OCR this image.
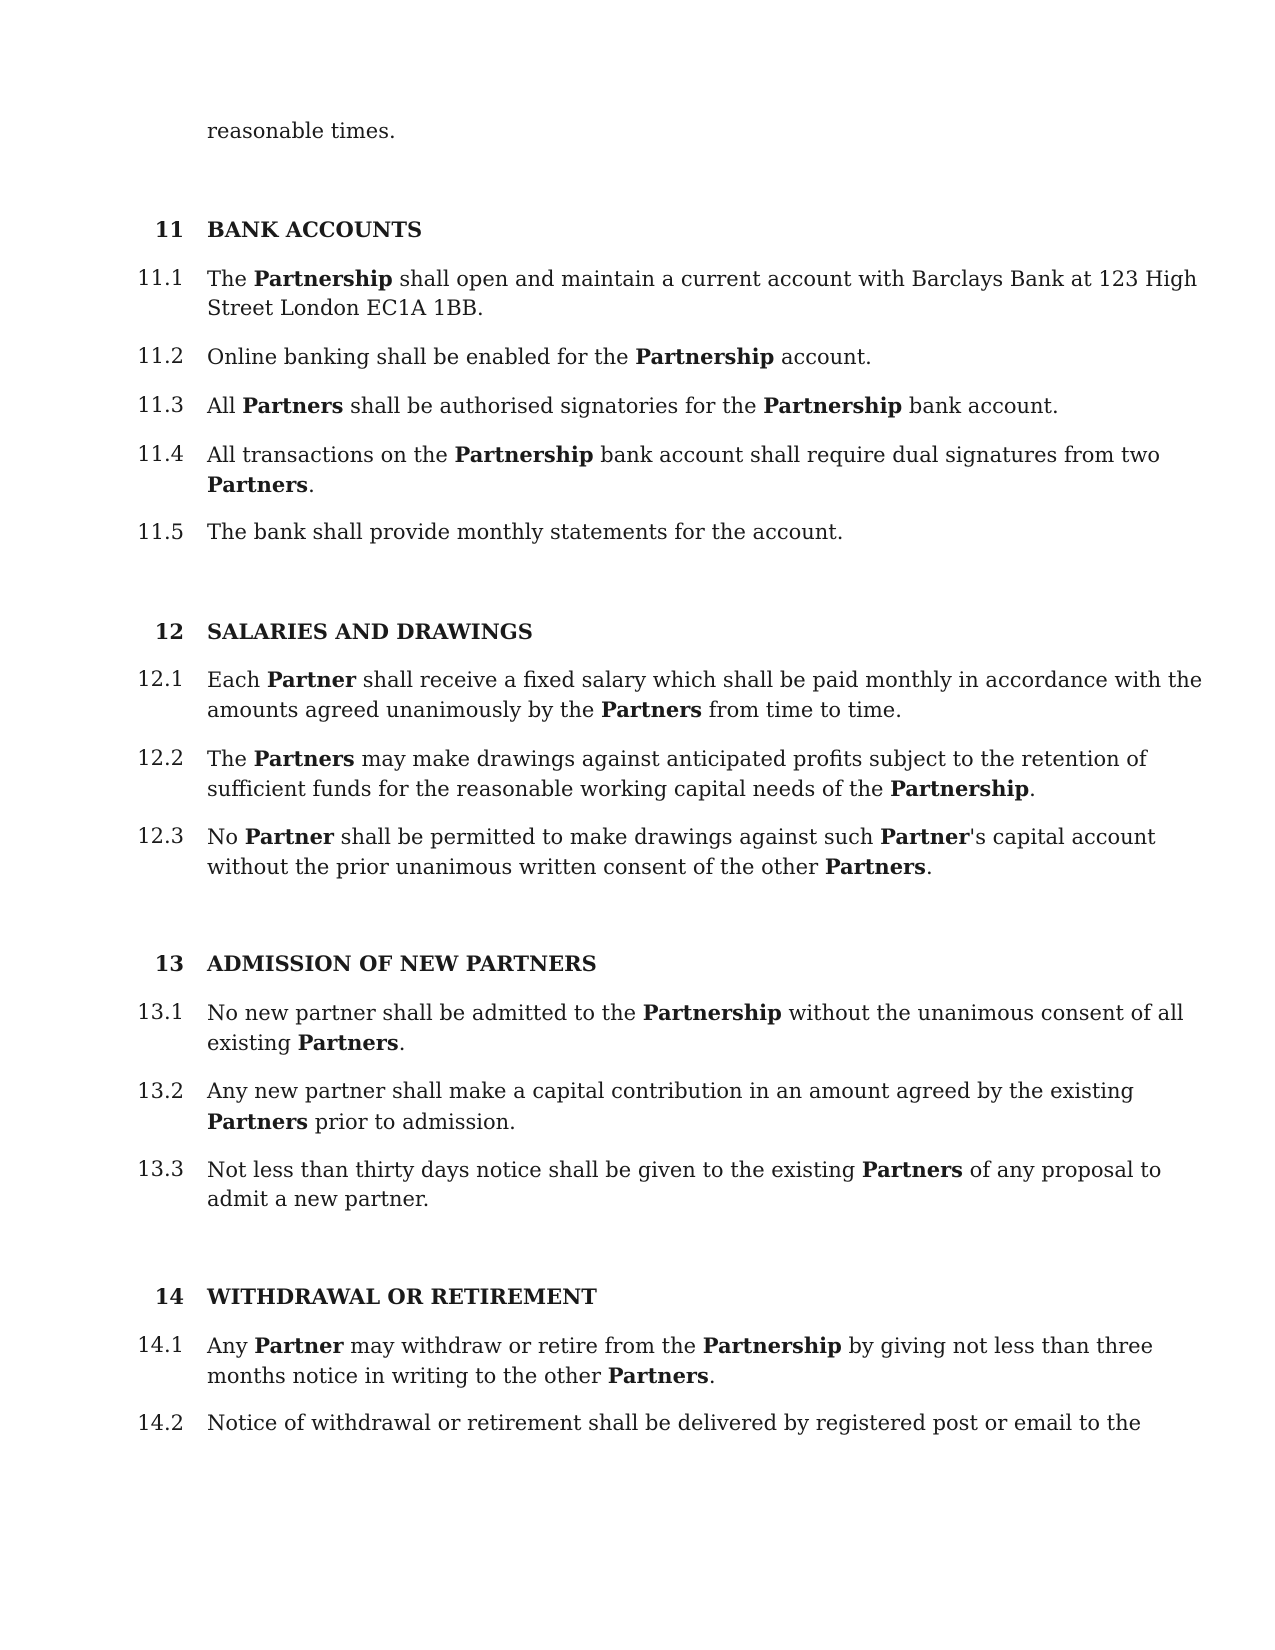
reasonable times.
11 BANK ACCOUNTS
11.1 The Partnership shall open and maintain a current account with Barclays Bank at 123 High
Street London EC1A 1BB.
11.2 Online banking shall be enabled for the Partnership account.
11.3 All Partners shall be authorised signatories for the Partnership bank account.
11.4 All transactions on the Partnership bank account shall require dual signatures from two
Partners.
11.5 The bank shall provide monthly statements for the account.
12 SALARIES AND DRAWINGS
12.1 Each Partner shall receive a fixed salary which shall be paid monthly in accordance with the
amounts agreed unanimously by the Partners from time to time.
12.2 The Partners may make drawings against anticipated profits subject to the retention of
sufficient funds for the reasonable working capital needs of the Partnership.
12.3 No Partner shall be permitted to make drawings against such Partner's capital account
without the prior unanimous written consent of the other Partners.
13 ADMISSION OF NEW PARTNERS
13.1 No new partner shall be admitted to the Partnership without the unanimous consent of all
existing Partners.
13.2 Any new partner shall make a capital contribution in an amount agreed by the existing
Partners prior to admission.
13.3 Not less than thirty days notice shall be given to the existing Partners of any proposal to
admit a new partner.
14 WITHDRAWAL OR RETIREMENT
14.1 Any Partner may withdraw or retire from the Partnership by giving not less than three
months notice in writing to the other Partners.
14.2 Notice of withdrawal or retirement shall be delivered by registered post or email to the
